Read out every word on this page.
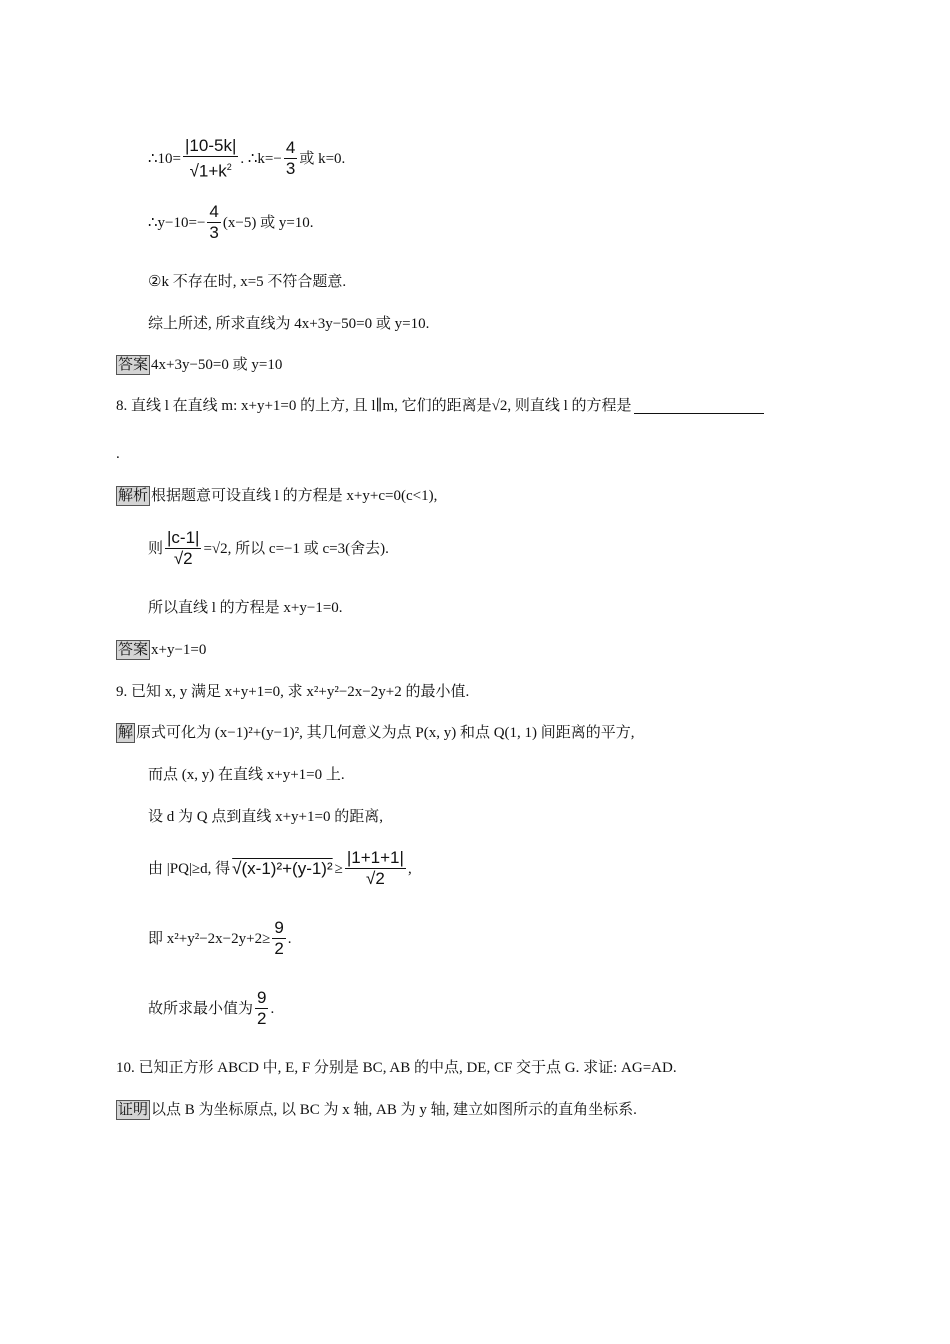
∴10= $\frac{|10-5k|}{√1+k^2}$ . ∴k=− $\frac{4}{3}$ 或 k=0.
∴y−10=− $\frac{4}{3} (x-5)$ 或 y=10.
②k 不存在时, x=5 不符合题意.
综上所述, 所求直线为 4x+3y−50=0 或 y=10.
答案 4x+3y−50=0 或 y=10
8. 直线 l 在直线 m: x+y+1=0 的上方, 且 l∥m, 它们的距离是√2, 则直线 l 的方程是
.
解析 根据题意可设直线 l 的方程是 x+y+c=0(c<1),
则 $\frac{|c-1|}{√2} =√2$, 所以 c=−1 或 c=3(舍去).
所以直线 l 的方程是 x+y−1=0.
答案 x+y−1=0
9. 已知 x, y 满足 x+y+1=0, 求 x²+y²−2x−2y+2 的最小值.
解 原式可化为 (x−1)²+(y−1)², 其几何意义为点 P(x, y) 和点 Q(1, 1) 间距离的平方,
而点 (x, y) 在直线 x+y+1=0 上.
设 d 为 Q 点到直线 x+y+1=0 的距离,
由 |PQ|≥d, 得 $√(x-1)^2+(y-1)^2 \ge \frac{|1+1+1|}{√2}$ ,
即 $x^2+y^2-2x-2y+2\ge \frac{9}{2}$ .
故所求最小值为 $\frac{9}{2}$ .
10. 已知正方形 ABCD 中, E, F 分别是 BC, AB 的中点, DE, CF 交于点 G. 求证: AG=AD.
证明 以点 B 为坐标原点, 以 BC 为 x 轴, AB 为 y 轴, 建立如图所示的直角坐标系.
